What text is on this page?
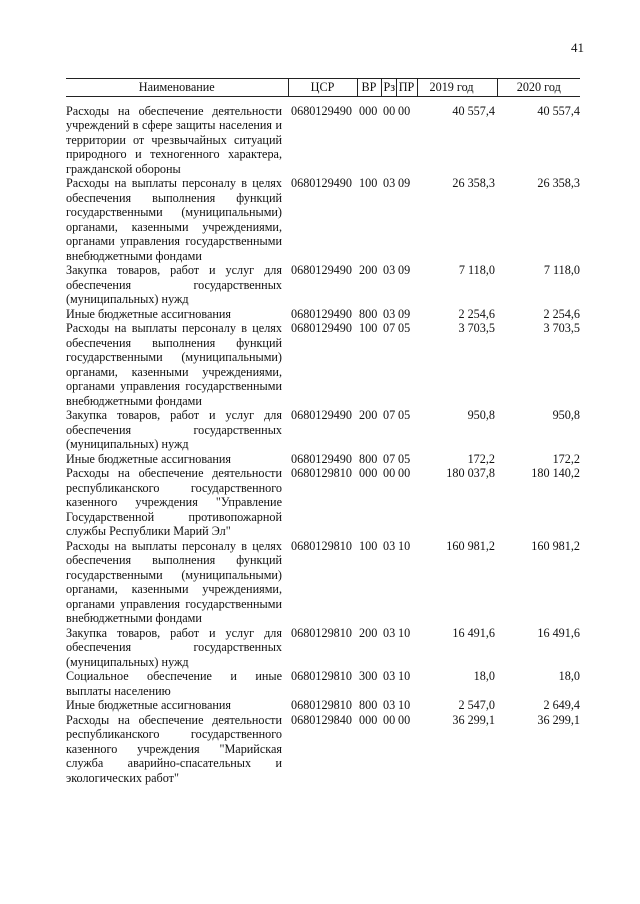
41
Наименование	ЦСР	ВР	Рз	ПР	2019 год	2020 год
Расходы на обеспечение деятельности учреждений в сфере защиты населения и территории от чрезвычайных ситуаций природного и техногенного характера, гражданской обороны	0680129490	000	00	00	40 557,4	40 557,4
Расходы на выплаты персоналу в целях обеспечения выполнения функций государственными (муниципальными) органами, казенными учреждениями, органами управления государственными внебюджетными фондами	0680129490	100	03	09	26 358,3	26 358,3
Закупка товаров, работ и услуг для обеспечения государственных (муниципальных) нужд	0680129490	200	03	09	7 118,0	7 118,0
Иные бюджетные ассигнования	0680129490	800	03	09	2 254,6	2 254,6
Расходы на выплаты персоналу в целях обеспечения выполнения функций государственными (муниципальными) органами, казенными учреждениями, органами управления государственными внебюджетными фондами	0680129490	100	07	05	3 703,5	3 703,5
Закупка товаров, работ и услуг для обеспечения государственных (муниципальных) нужд	0680129490	200	07	05	950,8	950,8
Иные бюджетные ассигнования	0680129490	800	07	05	172,2	172,2
Расходы на обеспечение деятельности республиканского государственного казенного учреждения "Управление Государственной противопожарной службы Республики Марий Эл"	0680129810	000	00	00	180 037,8	180 140,2
Расходы на выплаты персоналу в целях обеспечения выполнения функций государственными (муниципальными) органами, казенными учреждениями, органами управления государственными внебюджетными фондами	0680129810	100	03	10	160 981,2	160 981,2
Закупка товаров, работ и услуг для обеспечения государственных (муниципальных) нужд	0680129810	200	03	10	16 491,6	16 491,6
Социальное обеспечение и иные выплаты населению	0680129810	300	03	10	18,0	18,0
Иные бюджетные ассигнования	0680129810	800	03	10	2 547,0	2 649,4
Расходы на обеспечение деятельности республиканского государственного казенного учреждения "Марийская служба аварийно-спасательных и экологических работ"	0680129840	000	00	00	36 299,1	36 299,1
